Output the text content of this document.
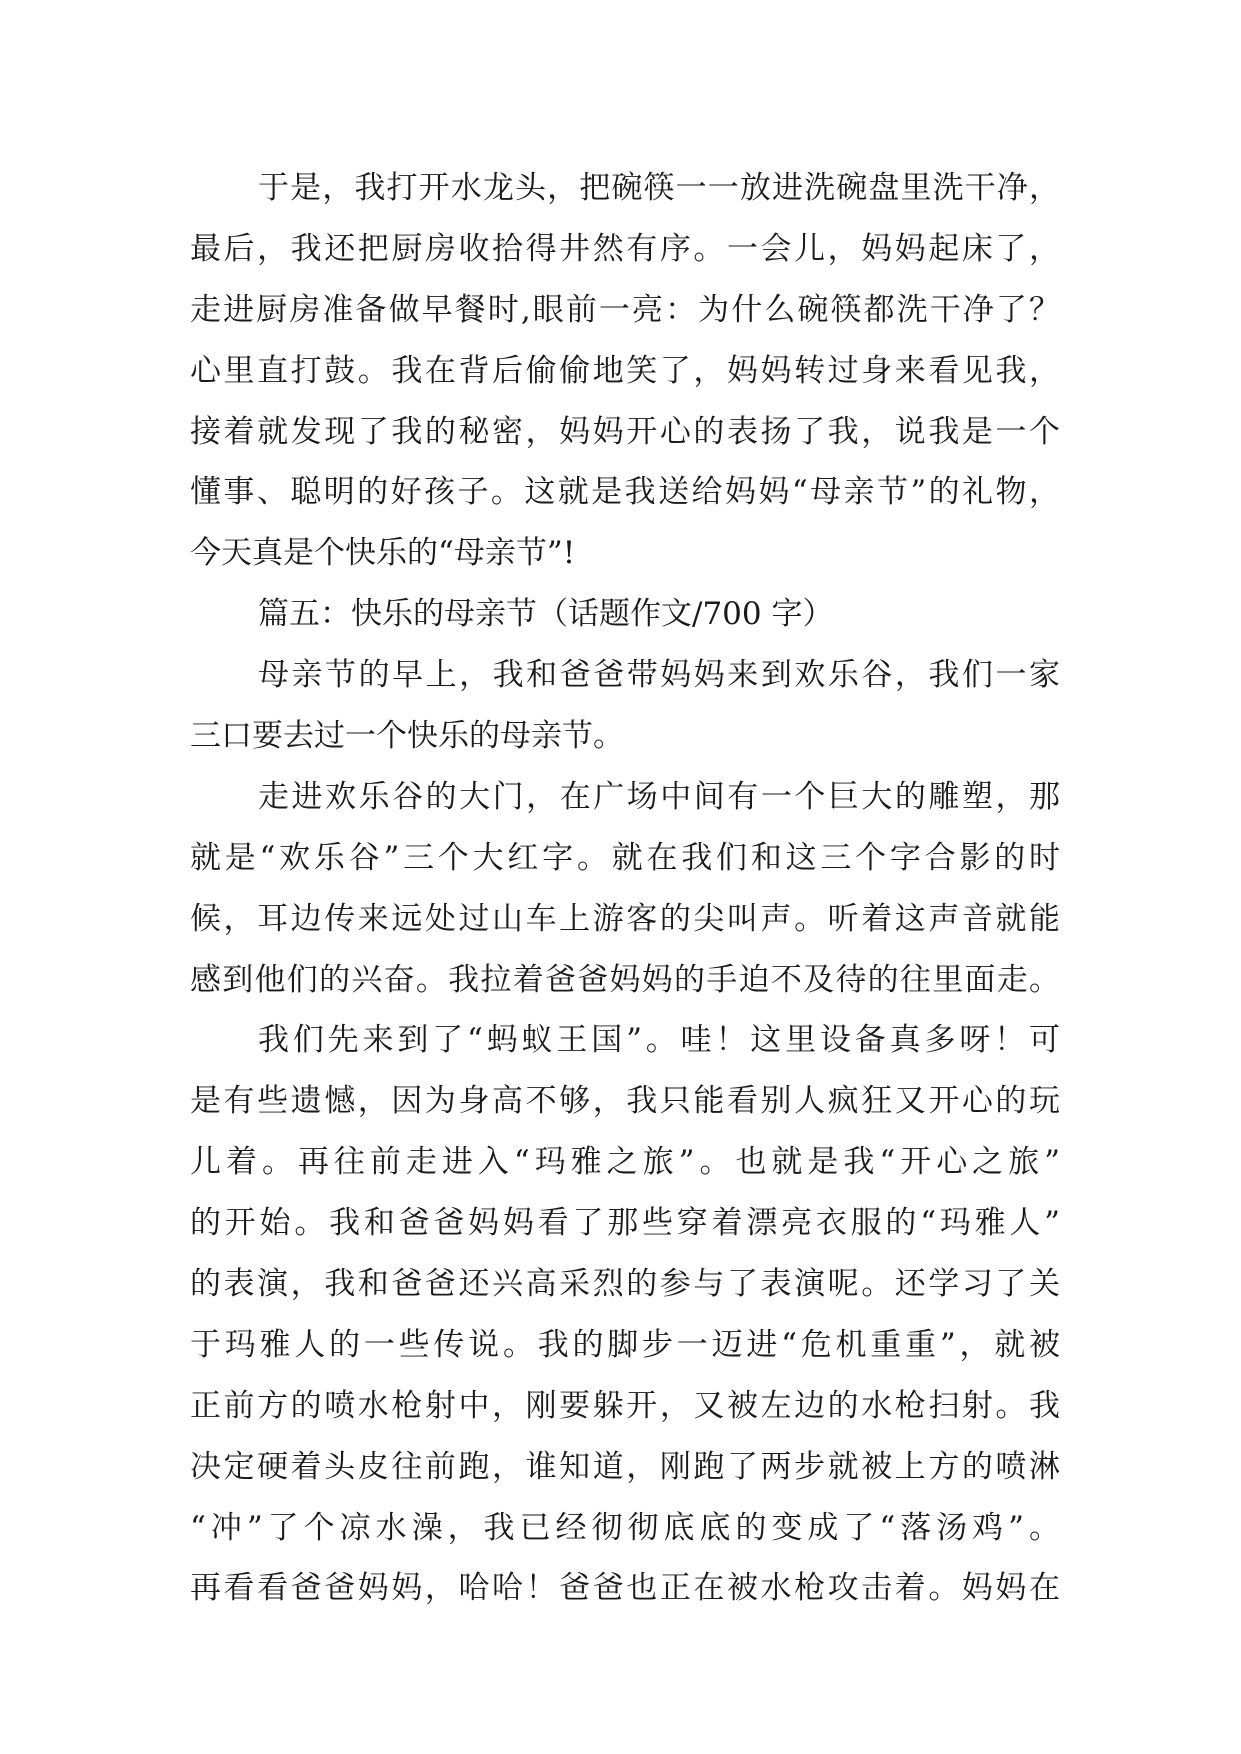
于是，我打开水龙头，把碗筷一一放进洗碗盘里洗干净，
最后，我还把厨房收拾得井然有序。一会儿，妈妈起床了，
走进厨房准备做早餐时,眼前一亮：为什么碗筷都洗干净了？
心里直打鼓。我在背后偷偷地笑了，妈妈转过身来看见我，
接着就发现了我的秘密，妈妈开心的表扬了我，说我是一个
懂事、聪明的好孩子。这就是我送给妈妈“母亲节”的礼物，
今天真是个快乐的“母亲节”!
篇五：快乐的母亲节（话题作文/700 字）
母亲节的早上，我和爸爸带妈妈来到欢乐谷，我们一家
三口要去过一个快乐的母亲节。
走进欢乐谷的大门，在广场中间有一个巨大的雕塑，那
就是“欢乐谷”三个大红字。就在我们和这三个字合影的时
候，耳边传来远处过山车上游客的尖叫声。听着这声音就能
感到他们的兴奋。我拉着爸爸妈妈的手迫不及待的往里面走。
我们先来到了“蚂蚁王国”。哇！这里设备真多呀！可
是有些遗憾，因为身高不够，我只能看别人疯狂又开心的玩
儿着。再往前走进入“玛雅之旅”。也就是我“开心之旅”
的开始。我和爸爸妈妈看了那些穿着漂亮衣服的“玛雅人”
的表演，我和爸爸还兴高采烈的参与了表演呢。还学习了关
于玛雅人的一些传说。我的脚步一迈进“危机重重”，就被
正前方的喷水枪射中，刚要躲开，又被左边的水枪扫射。我
决定硬着头皮往前跑，谁知道，刚跑了两步就被上方的喷淋
“冲”了个凉水澡，我已经彻彻底底的变成了“落汤鸡”。
再看看爸爸妈妈，哈哈！爸爸也正在被水枪攻击着。妈妈在
